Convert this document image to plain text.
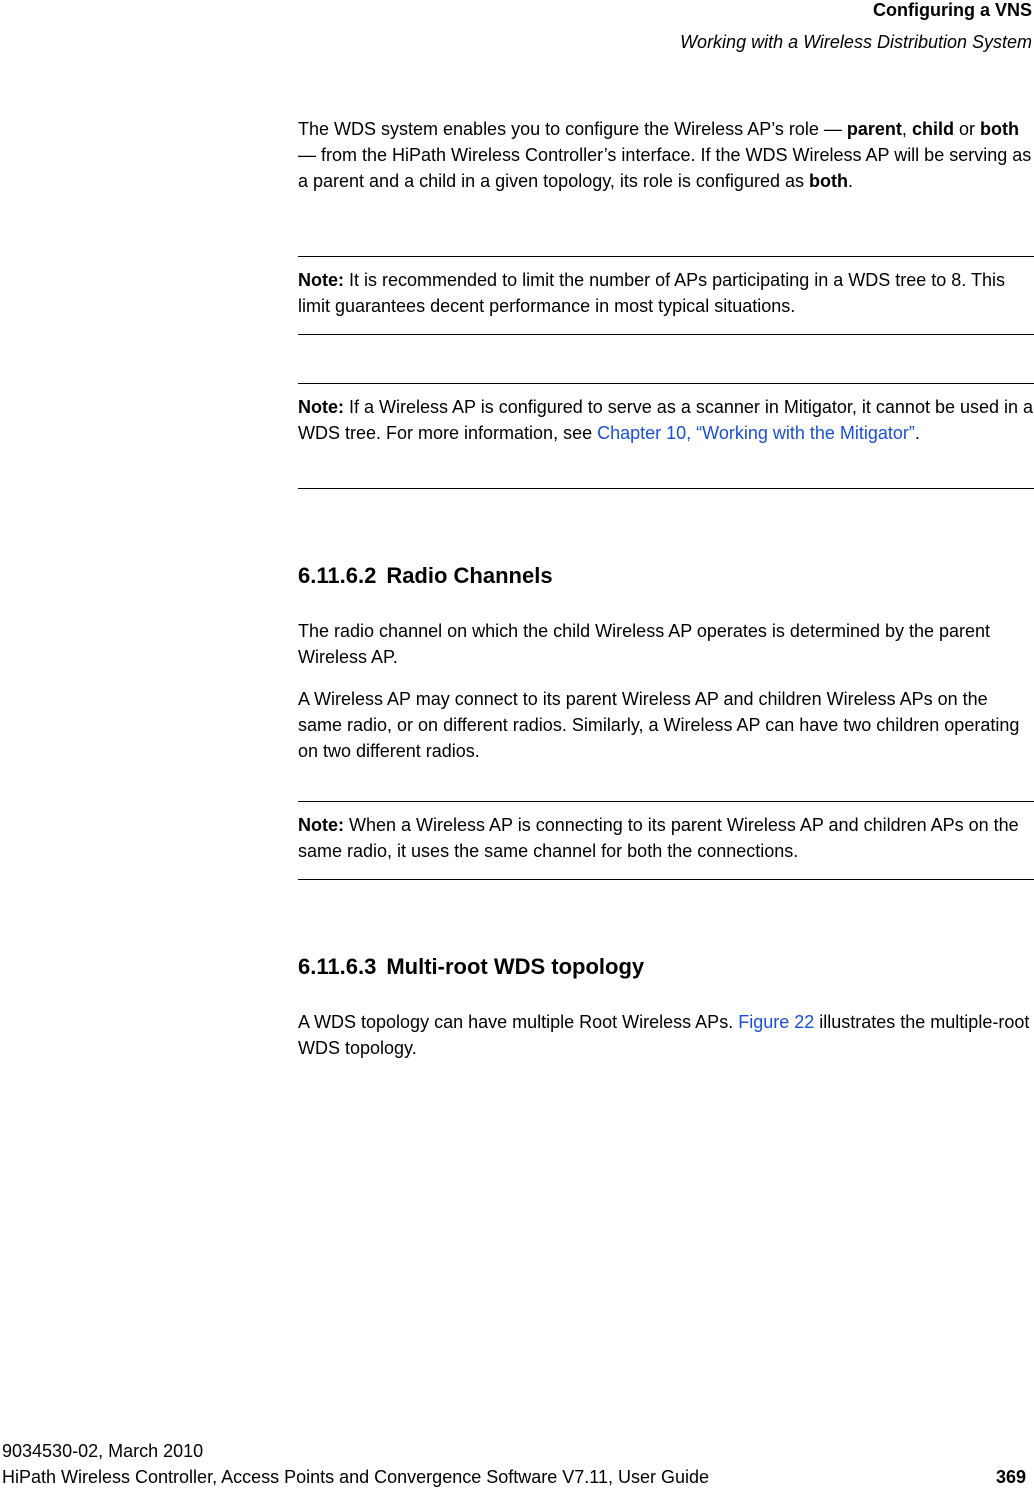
Configuring a VNS
Working with a Wireless Distribution System

The WDS system enables you to configure the Wireless AP’s role — parent, child or both — from the HiPath Wireless Controller’s interface. If the WDS Wireless AP will be serving as a parent and a child in a given topology, its role is configured as both.

Note: It is recommended to limit the number of APs participating in a WDS tree to 8. This limit guarantees decent performance in most typical situations.

Note: If a Wireless AP is configured to serve as a scanner in Mitigator, it cannot be used in a WDS tree. For more information, see Chapter 10, “Working with the Mitigator”.

6.11.6.2 Radio Channels

The radio channel on which the child Wireless AP operates is determined by the parent Wireless AP.

A Wireless AP may connect to its parent Wireless AP and children Wireless APs on the same radio, or on different radios. Similarly, a Wireless AP can have two children operating on two different radios.

Note: When a Wireless AP is connecting to its parent Wireless AP and children APs on the same radio, it uses the same channel for both the connections.

6.11.6.3 Multi-root WDS topology

A WDS topology can have multiple Root Wireless APs. Figure 22 illustrates the multiple-root WDS topology.

9034530-02, March 2010
HiPath Wireless Controller, Access Points and Convergence Software V7.11, User Guide	369
